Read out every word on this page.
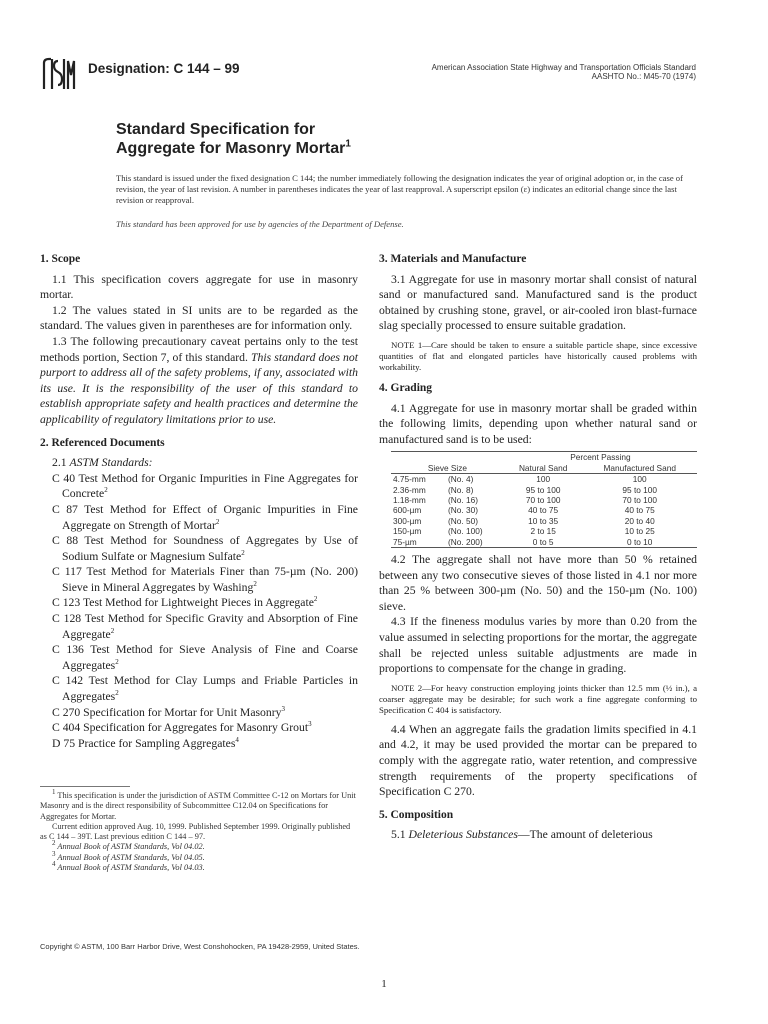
Designation: C 144 – 99	American Association State Highway and Transportation Officials Standard
AASHTO No.: M45-70 (1974)
Standard Specification for
Aggregate for Masonry Mortar$^1$
This standard is issued under the fixed designation C 144; the number immediately following the designation indicates the year of original adoption or, in the case of revision, the year of last revision. A number in parentheses indicates the year of last reapproval. A superscript epsilon (ε) indicates an editorial change since the last revision or reapproval.
This standard has been approved for use by agencies of the Department of Defense.
1. Scope

1.1 This specification covers aggregate for use in masonry mortar.

1.2 The values stated in SI units are to be regarded as the standard. The values given in parentheses are for information only.

1.3 The following precautionary caveat pertains only to the test methods portion, Section 7, of this standard. This standard does not purport to address all of the safety problems, if any, associated with its use. It is the responsibility of the user of this standard to establish appropriate safety and health practices and determine the applicability of regulatory limitations prior to use.

2. Referenced Documents

2.1 ASTM Standards:

C 40 Test Method for Organic Impurities in Fine Aggregates for Concrete$^2$
C 87 Test Method for Effect of Organic Impurities in Fine Aggregate on Strength of Mortar$^2$
C 88 Test Method for Soundness of Aggregates by Use of Sodium Sulfate or Magnesium Sulfate$^2$
C 117 Test Method for Materials Finer than 75-µm (No. 200) Sieve in Mineral Aggregates by Washing$^2$
C 123 Test Method for Lightweight Pieces in Aggregate$^2$
C 128 Test Method for Specific Gravity and Absorption of Fine Aggregate$^2$
C 136 Test Method for Sieve Analysis of Fine and Coarse Aggregates$^2$
C 142 Test Method for Clay Lumps and Friable Particles in Aggregates$^2$
C 270 Specification for Mortar for Unit Masonry$^3$
C 404 Specification for Aggregates for Masonry Grout$^3$
D 75 Practice for Sampling Aggregates$^4$

$^1$ This specification is under the jurisdiction of ASTM Committee C-12 on Mortars for Unit Masonry and is the direct responsibility of Subcommittee C12.04 on Specifications for Aggregates for Mortar.

Current edition approved Aug. 10, 1999. Published September 1999. Originally published as C 144 – 39T. Last previous edition C 144 – 97.

$^2$ Annual Book of ASTM Standards, Vol 04.02.

$^3$ Annual Book of ASTM Standards, Vol 04.05.

$^4$ Annual Book of ASTM Standards, Vol 04.03.

3. Materials and Manufacture

3.1 Aggregate for use in masonry mortar shall consist of natural sand or manufactured sand. Manufactured sand is the product obtained by crushing stone, gravel, or air-cooled iron blast-furnace slag specially processed to ensure suitable gradation.

NOTE 1—Care should be taken to ensure a suitable particle shape, since excessive quantities of flat and elongated particles have historically caused problems with workability.

4. Grading

4.1 Aggregate for use in masonry mortar shall be graded within the following limits, depending upon whether natural sand or manufactured sand is to be used:

		Percent Passing	
Sieve Size		Natural Sand	Manufactured Sand
4.75-mm	(No. 4)	100	100
2.36-mm	(No. 8)	95 to 100	95 to 100
1.18-mm	(No. 16)	70 to 100	70 to 100
600-µm	(No. 30)	40 to 75	40 to 75
300-µm	(No. 50)	10 to 35	20 to 40
150-µm	(No. 100)	2 to 15	10 to 25
75-µm	(No. 200)	0 to 5	0 to 10

4.2 The aggregate shall not have more than 50 % retained between any two consecutive sieves of those listed in 4.1 nor more than 25 % between 300-µm (No. 50) and the 150-µm (No. 100) sieve.

4.3 If the fineness modulus varies by more than 0.20 from the value assumed in selecting proportions for the mortar, the aggregate shall be rejected unless suitable adjustments are made in proportions to compensate for the change in grading.

NOTE 2—For heavy construction employing joints thicker than 12.5 mm (½ in.), a coarser aggregate may be desirable; for such work a fine aggregate conforming to Specification C 404 is satisfactory.

4.4 When an aggregate fails the gradation limits specified in 4.1 and 4.2, it may be used provided the mortar can be prepared to comply with the aggregate ratio, water retention, and compressive strength requirements of the property specifications of Specification C 270.

5. Composition

5.1 Deleterious Substances—The amount of deleterious

Copyright © ASTM, 100 Barr Harbor Drive, West Conshohocken, PA 19428-2959, United States.
1
